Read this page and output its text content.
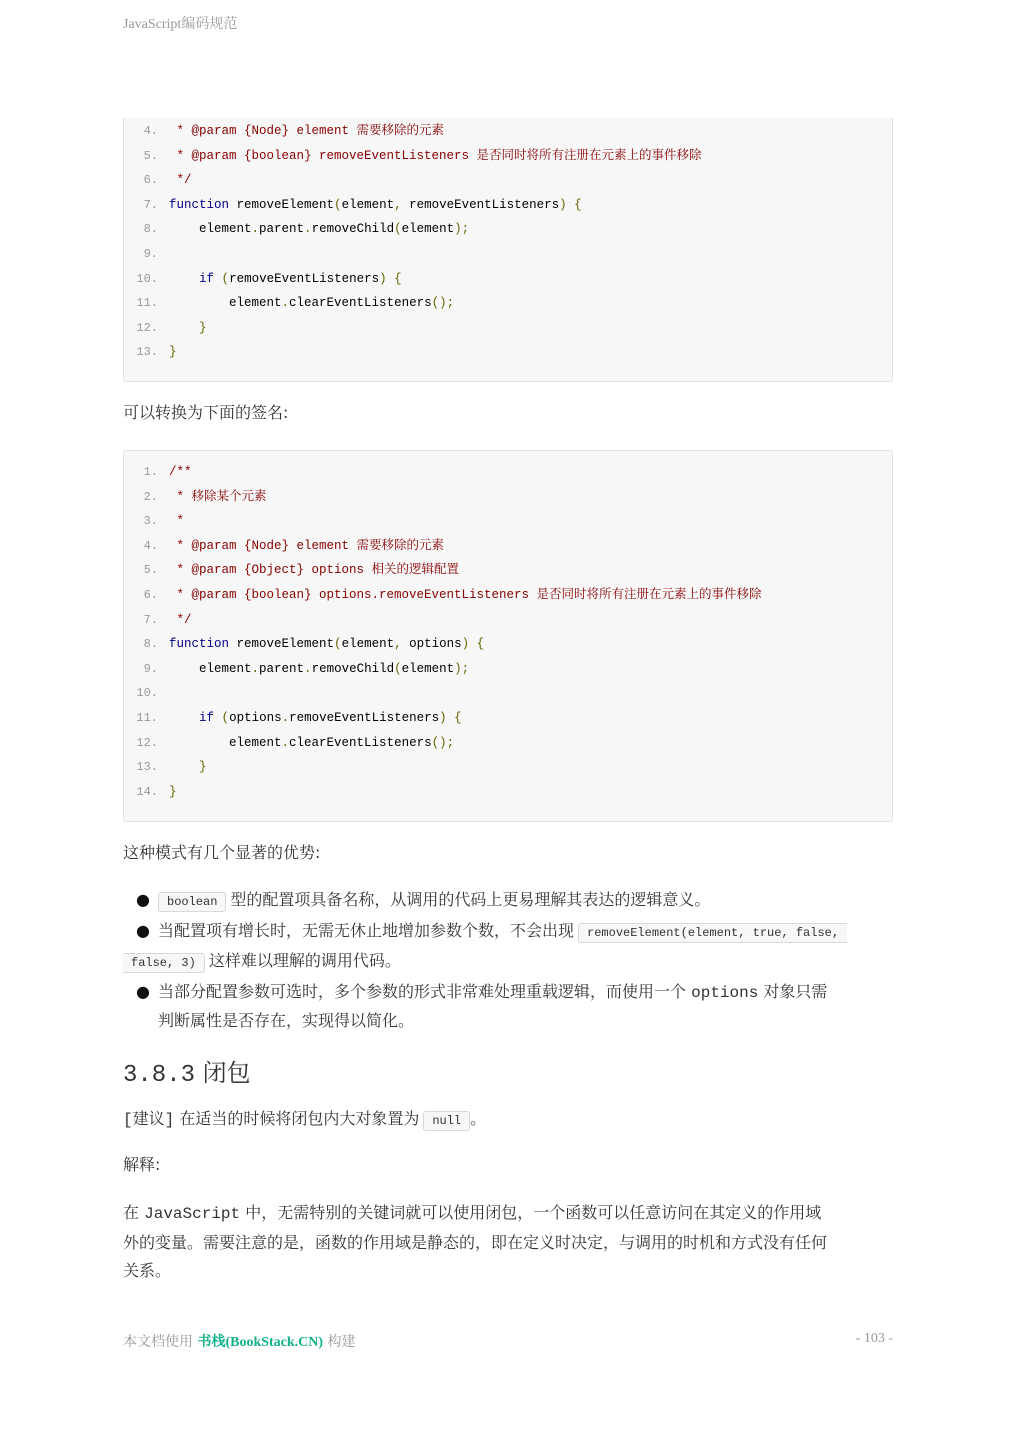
JavaScript编码规范
4. * @param {Node} element 需要移除的元素
5. * @param {boolean} removeEventListeners 是否同时将所有注册在元素上的事件移除
6. */
7. function removeElement(element, removeEventListeners) {
8. element.parent.removeChild(element);
9.
10.	if (removeEventListeners) {
11. element.clearEventListeners();
12.	}
13. }
可以转换为下面的签名:
1. /**
2. * 移除某个元素
3. *
4. * @param {Node} element 需要移除的元素
5. * @param {Object} options 相关的逻辑配置
6. * @param {boolean} options.removeEventListeners 是否同时将所有注册在元素上的事件移除
7. */
8. function removeElement(element, options) {
9. element.parent.removeChild(element);
10.
11.	if (options.removeEventListeners) {
12. element.clearEventListeners();
13.	}
14. }
这种模式有几个显著的优势:
● boolean 型的配置项具备名称，从调用的代码上更易理解其表达的逻辑意义。
● 当配置项有增长时，无需无休止地增加参数个数，不会出现 removeElement(element, true, false,
false, 3) 这样难以理解的调用代码。
● 当部分配置参数可选时，多个参数的形式非常难处理重载逻辑，而使用一个 options 对象只需
判断属性是否存在，实现得以简化。
3.8.3 闭包
[建议] 在适当的时候将闭包内大对象置为 null 。
解释:
在 JavaScript 中，无需特别的关键词就可以使用闭包，一个函数可以任意访问在其定义的作用域
外的变量。需要注意的是，函数的作用域是静态的，即在定义时决定，与调用的时机和方式没有任何
关系。
本文档使用 书栈(BookStack.CN) 构建	- 103 -
